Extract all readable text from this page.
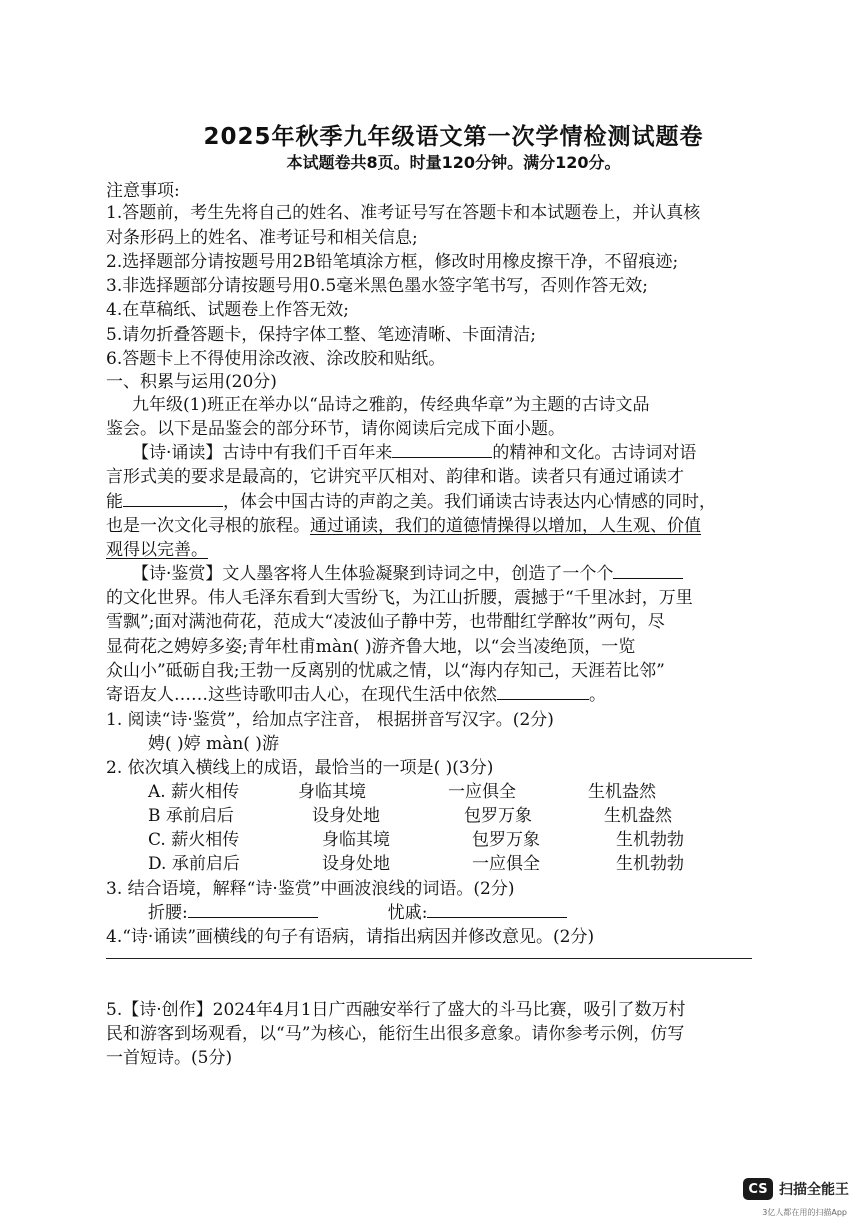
2025年秋季九年级语文第一次学情检测试题卷
本试题卷共8页。时量120分钟。满分120分。
注意事项:
1.答题前，考生先将自己的姓名、准考证号写在答题卡和本试题卷上，并认真核
对条形码上的姓名、准考证号和相关信息;
2.选择题部分请按题号用2B铅笔填涂方框，修改时用橡皮擦干净，不留痕迹;
3.非选择题部分请按题号用0.5毫米黑色墨水签字笔书写，否则作答无效;
4.在草稿纸、试题卷上作答无效;
5.请勿折叠答题卡，保持字体工整、笔迹清晰、卡面清洁;
6.答题卡上不得使用涂改液、涂改胶和贴纸。
一、积累与运用(20分)
九年级(1)班正在举办以“品诗之雅韵，传经典华章”为主题的古诗文品
鉴会。以下是品鉴会的部分环节，请你阅读后完成下面小题。
【诗·诵读】古诗中有我们千百年来	的精神和文化。古诗词对语
言形式美的要求是最高的，它讲究平仄相对、韵律和谐。读者只有通过诵读才
能	，体会中国古诗的声韵之美。我们诵读古诗表达内心情感的同时，
也是一次文化寻根的旅程。通过诵读，我们的道德情操得以增加，人生观、价值
观得以完善。
【诗·鉴赏】文人墨客将人生体验凝聚到诗词之中，创造了一个个
的文化世界。伟人毛泽东看到大雪纷飞，为江山折腰，震撼于“千里冰封，万里
雪飘”;面对满池荷花，范成大“凌波仙子静中芳，也带酣红学醉妆”两句，尽
显荷花之娉婷多姿;青年杜甫màn( )游齐鲁大地，以“会当凌绝顶，一览
众山小”砥砺自我;王勃一反离别的忧戚之情，以“海内存知己，天涯若比邻”
寄语友人……这些诗歌叩击人心，在现代生活中依然	。
1. 阅读“诗·鉴赏”，给加点字注音， 根据拼音写汉字。(2分)
娉( )婷 màn( )游
2. 依次填入横线上的成语，最恰当的一项是( )(3分)
A. 薪火相传	身临其境	一应俱全	生机盎然
B 承前启后	设身处地	包罗万象	生机盎然
C. 薪火相传	身临其境	包罗万象	生机勃勃
D. 承前启后	设身处地	一应俱全	生机勃勃
3. 结合语境，解释“诗·鉴赏”中画波浪线的词语。(2分)
折腰:	忧戚:
4.“诗·诵读”画横线的句子有语病，请指出病因并修改意见。(2分)
5.【诗·创作】2024年4月1日广西融安举行了盛大的斗马比赛，吸引了数万村
民和游客到场观看，以“马”为核心，能衍生出很多意象。请你参考示例，仿写
一首短诗。(5分)
CS 扫描全能王
3亿人都在用的扫描App
